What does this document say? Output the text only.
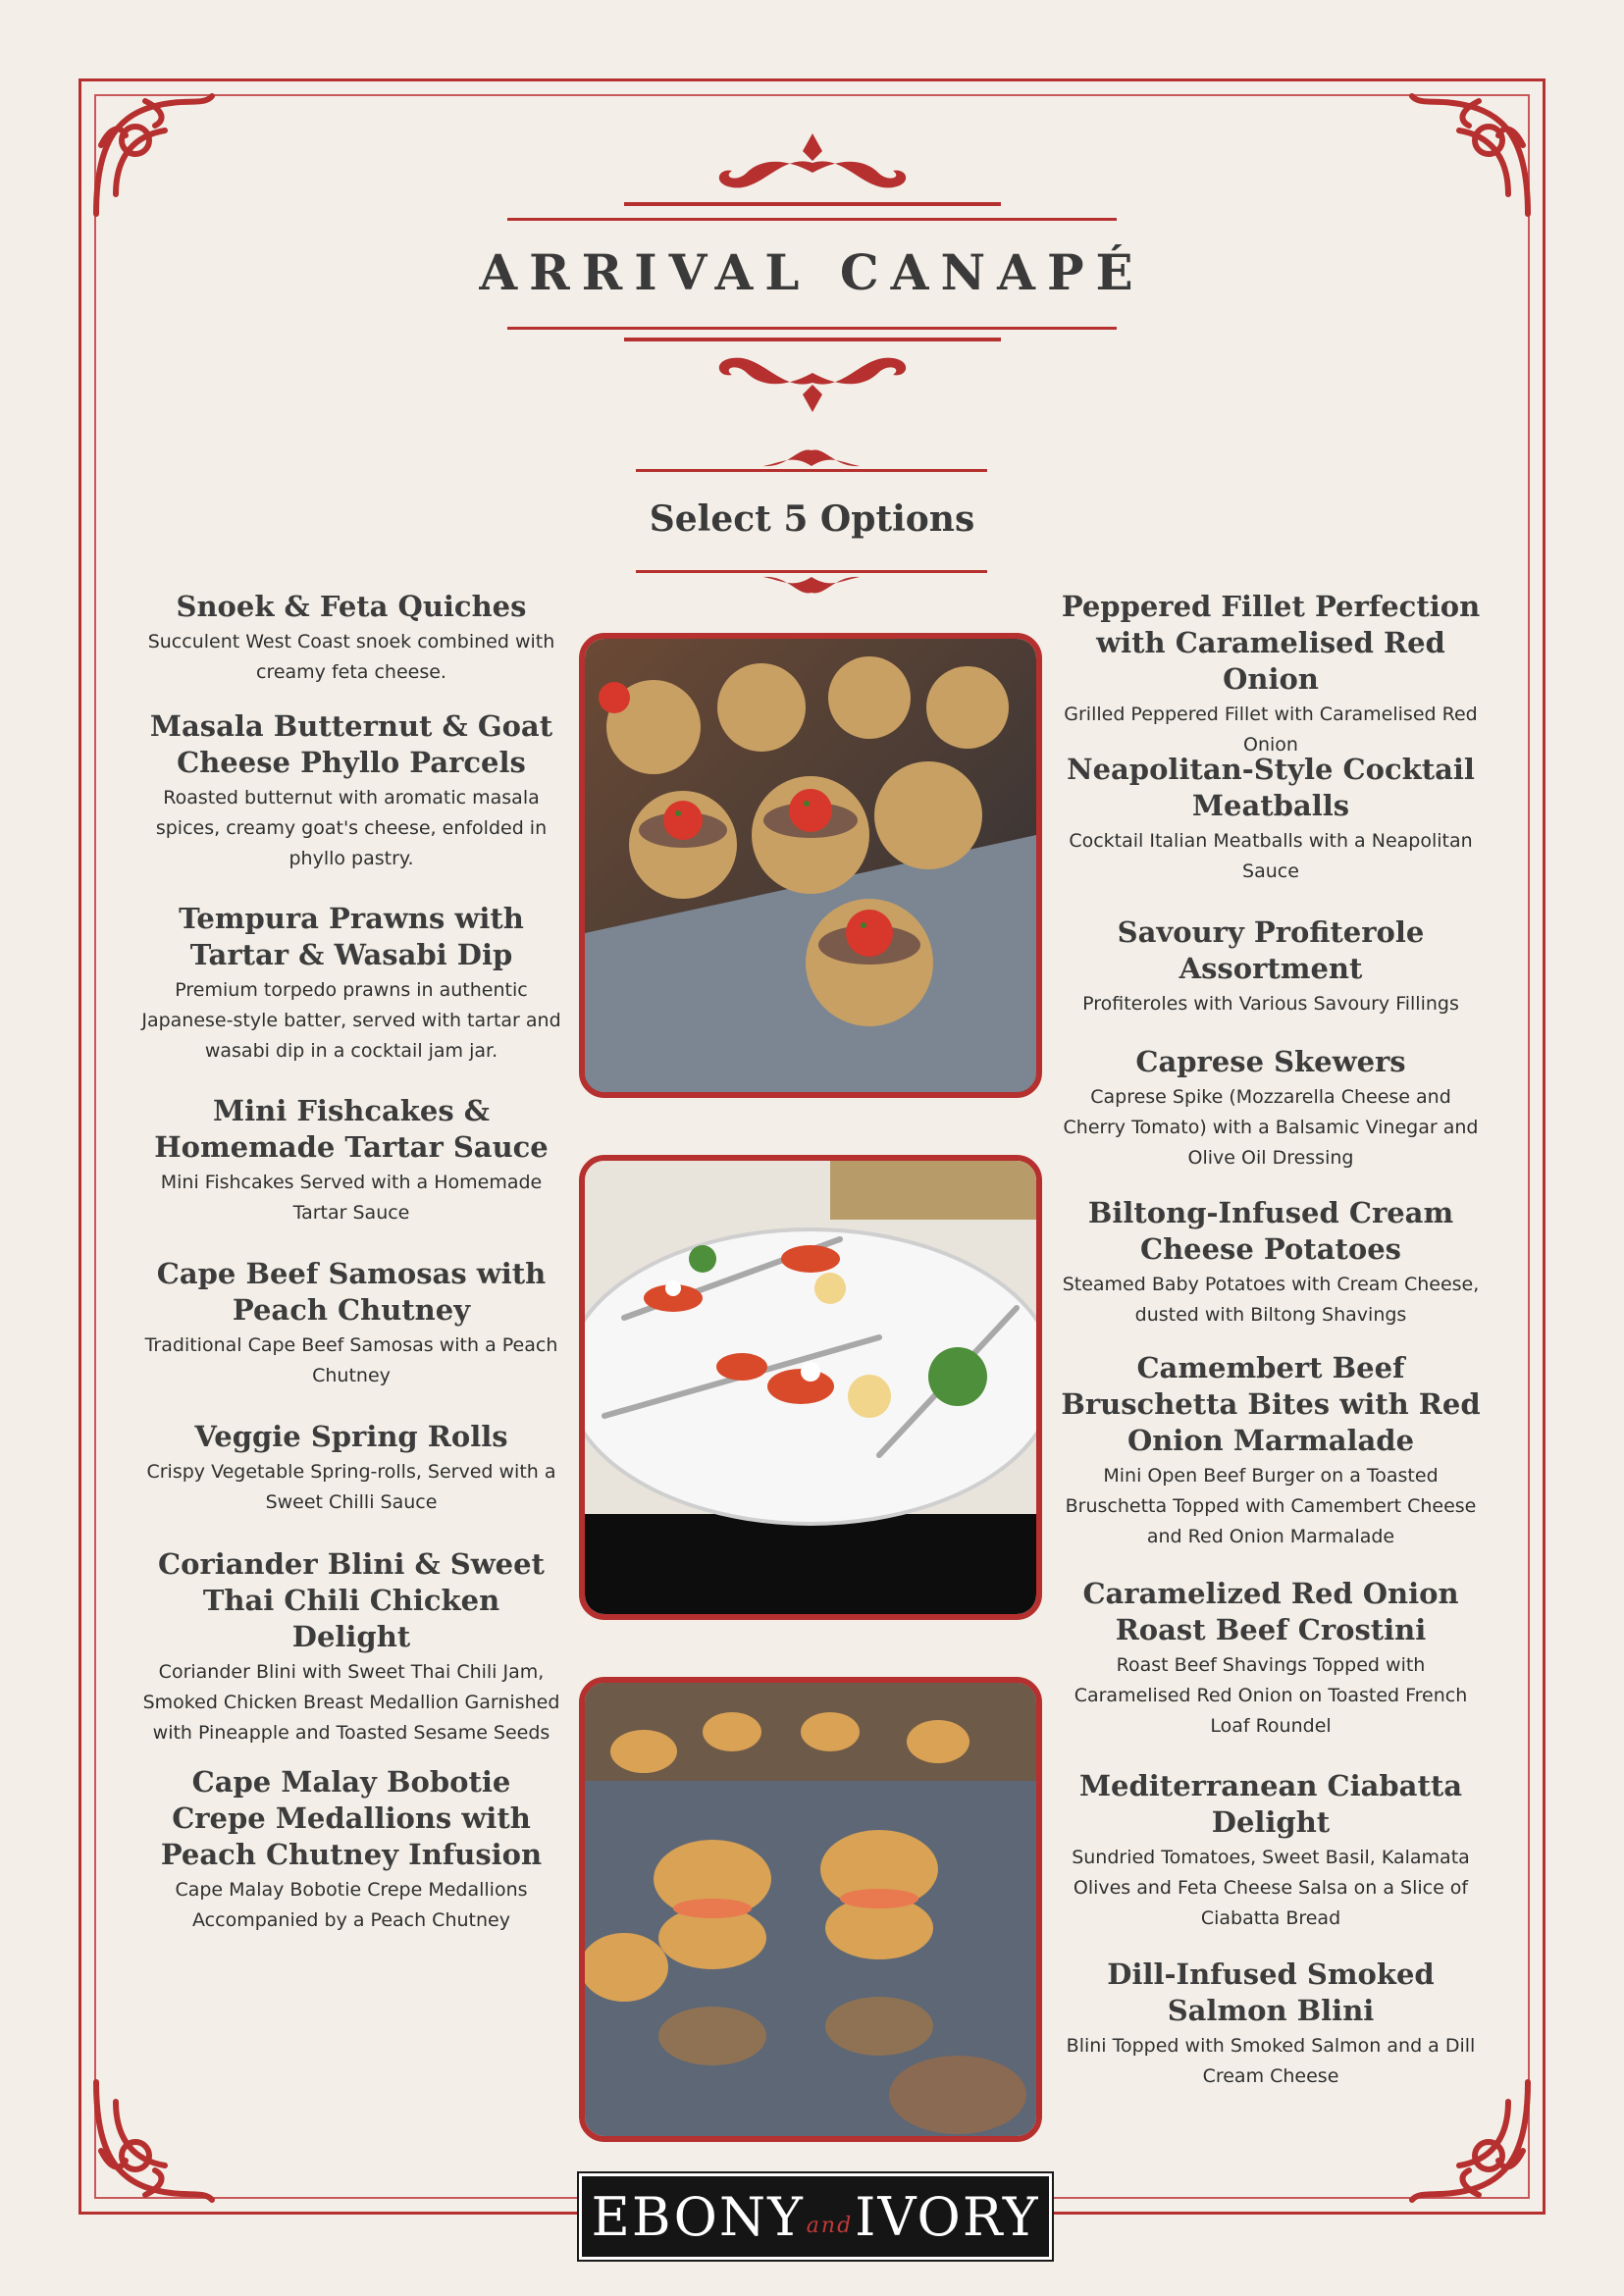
ARRIVAL CANAPÉ
Select 5 Options
Snoek & Feta Quiches

Succulent West Coast snoek combined with creamy feta cheese.

Masala Butternut & Goat Cheese Phyllo Parcels

Roasted butternut with aromatic masala spices, creamy goat's cheese, enfolded in phyllo pastry.

Tempura Prawns with Tartar & Wasabi Dip

Premium torpedo prawns in authentic Japanese-style batter, served with tartar and wasabi dip in a cocktail jam jar.

Mini Fishcakes & Homemade Tartar Sauce

Mini Fishcakes Served with a Homemade Tartar Sauce

Cape Beef Samosas with Peach Chutney

Traditional Cape Beef Samosas with a Peach Chutney

Veggie Spring Rolls

Crispy Vegetable Spring-rolls, Served with a Sweet Chilli Sauce

Coriander Blini & Sweet Thai Chili Chicken Delight

Coriander Blini with Sweet Thai Chili Jam, Smoked Chicken Breast Medallion Garnished with Pineapple and Toasted Sesame Seeds

Cape Malay Bobotie Crepe Medallions with Peach Chutney Infusion

Cape Malay Bobotie Crepe Medallions Accompanied by a Peach Chutney

Peppered Fillet Perfection with Caramelised Red Onion

Grilled Peppered Fillet with Caramelised Red Onion

Neapolitan-Style Cocktail Meatballs

Cocktail Italian Meatballs with a Neapolitan Sauce

Savoury Profiterole Assortment

Profiteroles with Various Savoury Fillings

Caprese Skewers

Caprese Spike (Mozzarella Cheese and Cherry Tomato) with a Balsamic Vinegar and Olive Oil Dressing

Biltong-Infused Cream Cheese Potatoes

Steamed Baby Potatoes with Cream Cheese, dusted with Biltong Shavings

Camembert Beef Bruschetta Bites with Red Onion Marmalade

Mini Open Beef Burger on a Toasted Bruschetta Topped with Camembert Cheese and Red Onion Marmalade

Caramelized Red Onion Roast Beef Crostini

Roast Beef Shavings Topped with Caramelised Red Onion on Toasted French Loaf Roundel

Mediterranean Ciabatta Delight

Sundried Tomatoes, Sweet Basil, Kalamata Olives and Feta Cheese Salsa on a Slice of Ciabatta Bread

Dill-Infused Smoked Salmon Blini

Blini Topped with Smoked Salmon and a Dill Cream Cheese

EBONY and IVORY
